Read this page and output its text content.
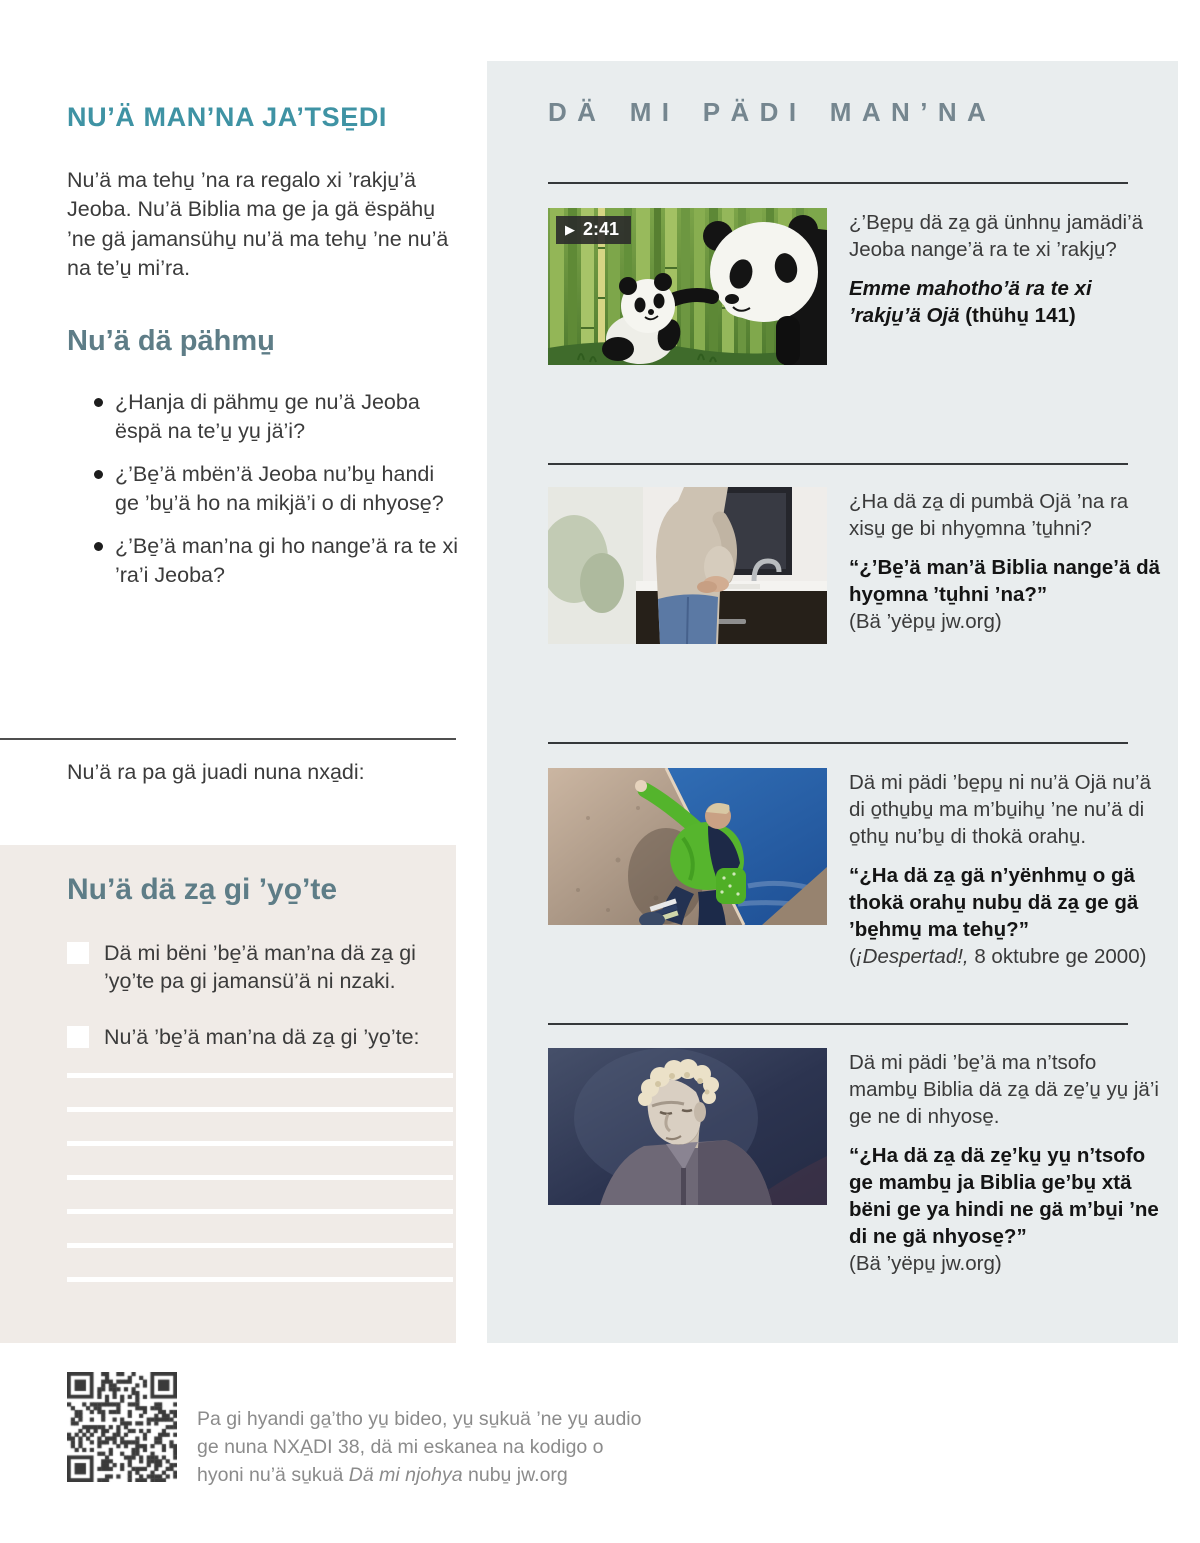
NU’Ä MAN’NA JA’TSE̱DI

Nu’ä ma tehu̱ ’na ra regalo xi ’rakju̱’ä Jeoba. Nu’ä Biblia ma ge ja gä ëspähu̱ ’ne gä jamansühu̱ nu’ä ma tehu̱ ’ne nu’ä na te’u̱ mi’ra.

Nu’ä dä pähmu̱
¿Hanja di pähmu̱ ge nu’ä Jeoba ëspä na te’u̱ yu̱ jä’i?
¿’Be̱’ä mbën’ä Jeoba nu’bu̱ handi ge ’bu̱’ä ho na mikjä’i o di nhyose̱?
¿’Be̱’ä man’na gi ho nange’ä ra te xi ’ra’i Jeoba?

Nu’ä ra pa gä juadi nuna nxa̱di:

Nu’ä dä za̱ gi ’yo̱’te
Dä mi bëni ’be̱’ä man’na dä za̱ gi ’yo̱’te pa gi jamansü’ä ni nzaki.
Nu’ä ’be̱’ä man’na dä za̱ gi ’yo̱’te:

Pa gi hyandi ga̱’tho yu̱ bideo, yu̱ su̱kuä ’ne yu̱ audio ge nuna NXA̱DI 38, dä mi eskanea na kodigo o hyoni nu’ä su̱kuä Dä mi njohya nubu̱ jw.org

DÄ MI PÄDI MAN’NA
▶ 2:41	¿’Be̱pu̱ dä za̱ gä ünhnu̱ jamädi’ä Jeoba nange’ä ra te xi ’rakju̱?

Emme mahotho’ä ra te xi ’rakju̱’ä Ojä (thühu̱ 141)

¿Ha dä za̱ di pumbä Ojä ’na ra xisu̱ ge bi nhyo̱mna ’tu̱hni?

“¿’Be̱’ä man’ä Biblia nange’ä dä hyo̱mna ’tu̱hni ’na?”

(Bä ’yëpu̱ jw.org)

Dä mi pädi ’be̱pu̱ ni nu’ä Ojä nu’ä di o̱thu̱bu̱ ma m’bu̱ihu̱ ’ne nu’ä di o̱thu̱ nu’bu̱ di thokä orahu̱.

“¿Ha dä za̱ gä n’yënhmu̱ o gä thokä orahu̱ nubu̱ dä za̱ ge gä ’be̱hmu̱ ma tehu̱?”

(¡Despertad!, 8 oktubre ge 2000)

Dä mi pädi ’be̱’ä ma n’tsofo mambu̱ Biblia dä za̱ dä ze̱’u̱ yu̱ jä’i ge ne di nhyose̱.

“¿Ha dä za̱ dä ze̱’ku̱ yu̱ n’tsofo ge mambu̱ ja Biblia ge’bu̱ xtä bëni ge ya hindi ne gä m’bu̱i ’ne di ne gä nhyose̱?”

(Bä ’yëpu̱ jw.org)
